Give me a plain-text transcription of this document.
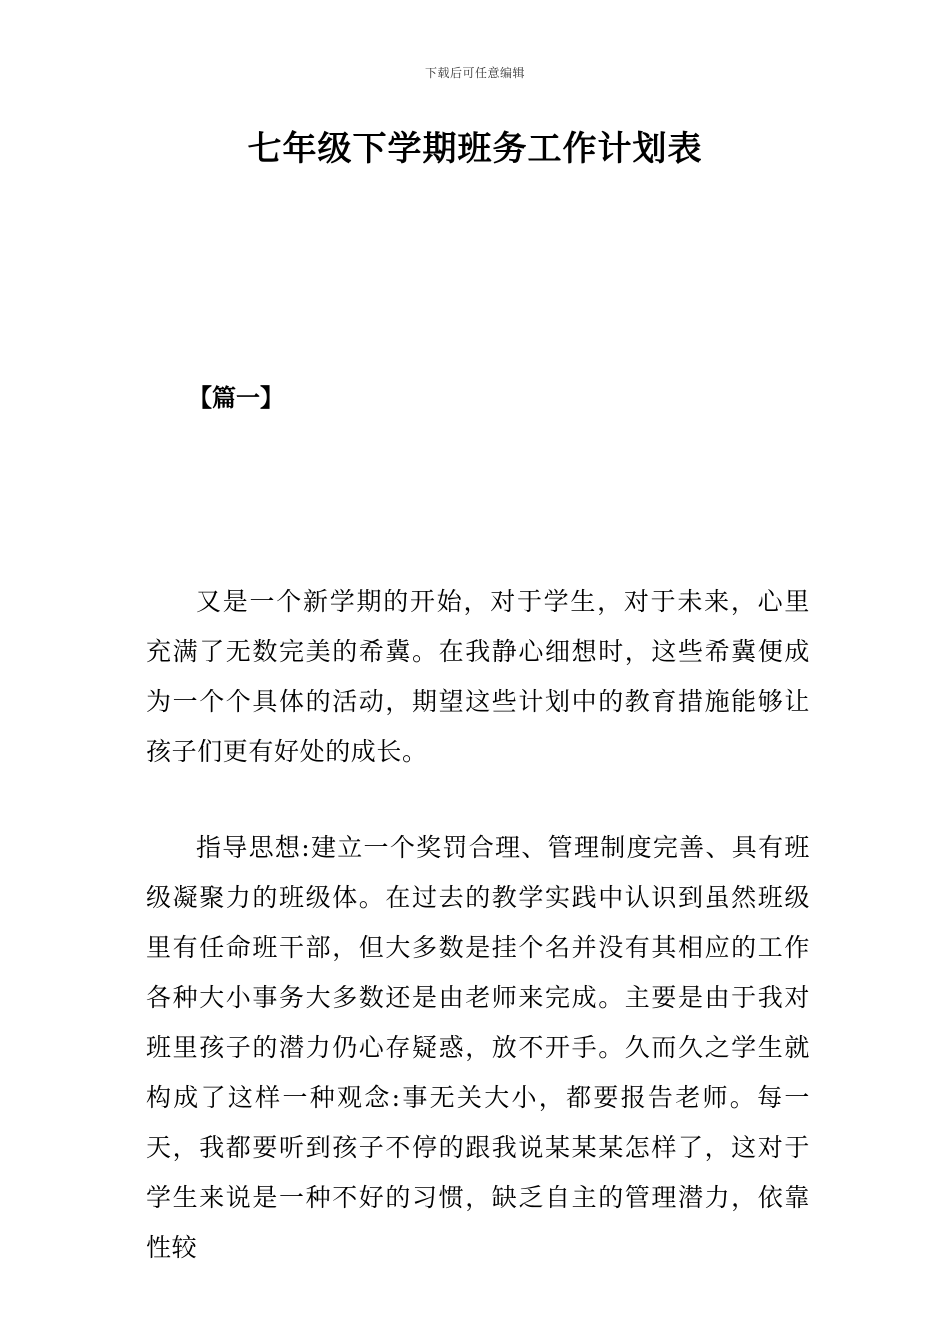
下载后可任意编辑
七年级下学期班务工作计划表
【篇一】

又是一个新学期的开始，对于学生，对于未来，心里充满了无数完美的希冀。在我静心细想时，这些希冀便成为一个个具体的活动，期望这些计划中的教育措施能够让孩子们更有好处的成长。

指导思想:建立一个奖罚合理、管理制度完善、具有班级凝聚力的班级体。在过去的教学实践中认识到虽然班级里有任命班干部，但大多数是挂个名并没有其相应的工作各种大小事务大多数还是由老师来完成。主要是由于我对班里孩子的潜力仍心存疑惑，放不开手。久而久之学生就构成了这样一种观念:事无关大小，都要报告老师。每一天，我都要听到孩子不停的跟我说某某某怎样了，这对于学生来说是一种不好的习惯，缺乏自主的管理潜力，依靠性较
